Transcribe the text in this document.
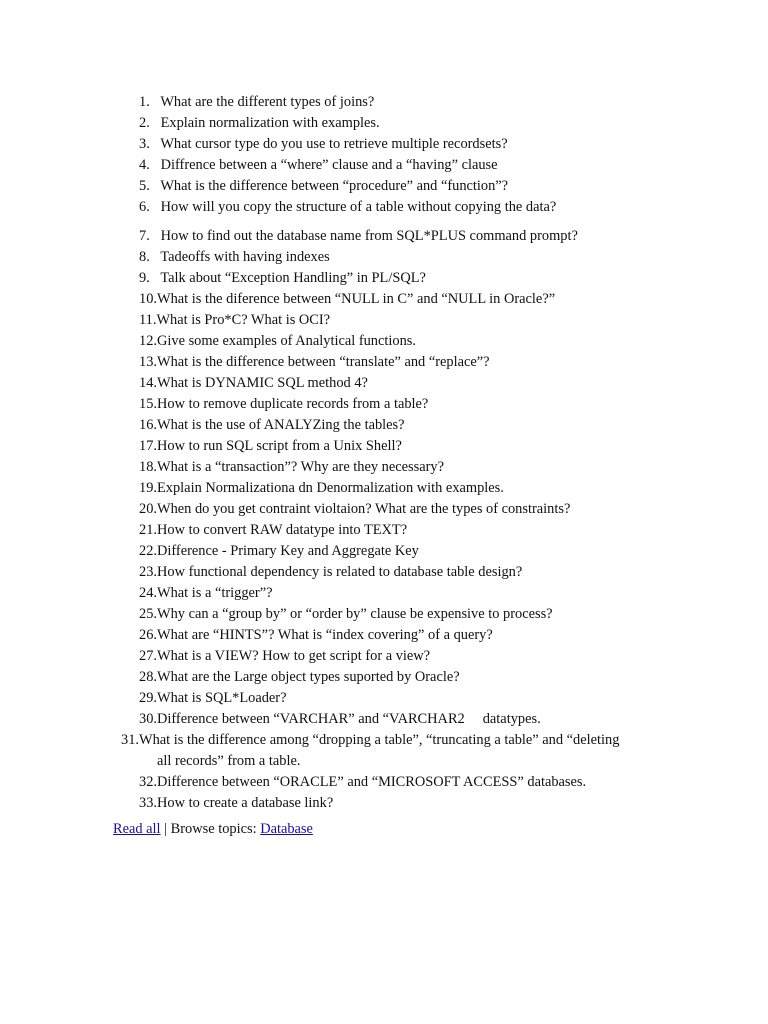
1. What are the different types of joins?
2. Explain normalization with examples.
3. What cursor type do you use to retrieve multiple recordsets?
4. Diffrence between a “where” clause and a “having” clause
5. What is the difference between “procedure” and “function”?
6. How will you copy the structure of a table without copying the data?
7. How to find out the database name from SQL*PLUS command prompt?
8. Tadeoffs with having indexes
9. Talk about “Exception Handling” in PL/SQL?
10.What is the diference between “NULL in C” and “NULL in Oracle?”
11.What is Pro*C? What is OCI?
12.Give some examples of Analytical functions.
13.What is the difference between “translate” and “replace”?
14.What is DYNAMIC SQL method 4?
15.How to remove duplicate records from a table?
16.What is the use of ANALYZing the tables?
17.How to run SQL script from a Unix Shell?
18.What is a “transaction”? Why are they necessary?
19.Explain Normalizationa dn Denormalization with examples.
20.When do you get contraint violtaion? What are the types of constraints?
21.How to convert RAW datatype into TEXT?
22.Difference - Primary Key and Aggregate Key
23.How functional dependency is related to database table design?
24.What is a “trigger”?
25.Why can a “group by” or “order by” clause be expensive to process?
26.What are “HINTS”? What is “index covering” of a query?
27.What is a VIEW? How to get script for a view?
28.What are the Large object types suported by Oracle?
29.What is SQL*Loader?
30.Difference between “VARCHAR” and “VARCHAR2     datatypes.
31.What is the difference among “dropping a table”, “truncating a table” and “deleting all records” from a table.
32.Difference between “ORACLE” and “MICROSOFT ACCESS” databases.
33.How to create a database link?
Read all | Browse topics: Database
